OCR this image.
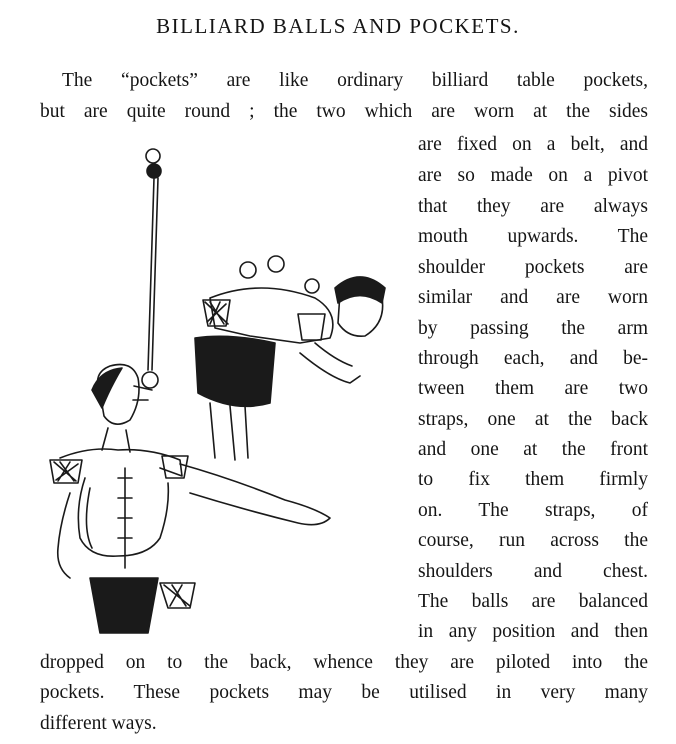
BILLIARD BALLS AND POCKETS.
The “pockets” are like ordinary billiard table pockets,
but are quite round ; the two which are worn at the sides
are fixed on a belt, and
are so made on a pivot
that they are always
mouth upwards. The
shoulder pockets are
similar and are worn
by passing the arm
through each, and be-
tween them are two
straps, one at the back
and one at the front
to fix them firmly
on. The straps, of
course, run across the
shoulders and chest.
The balls are balanced
in any position and then
dropped on to the back, whence they are piloted into the
pockets. These pockets may be utilised in very many
different ways.
